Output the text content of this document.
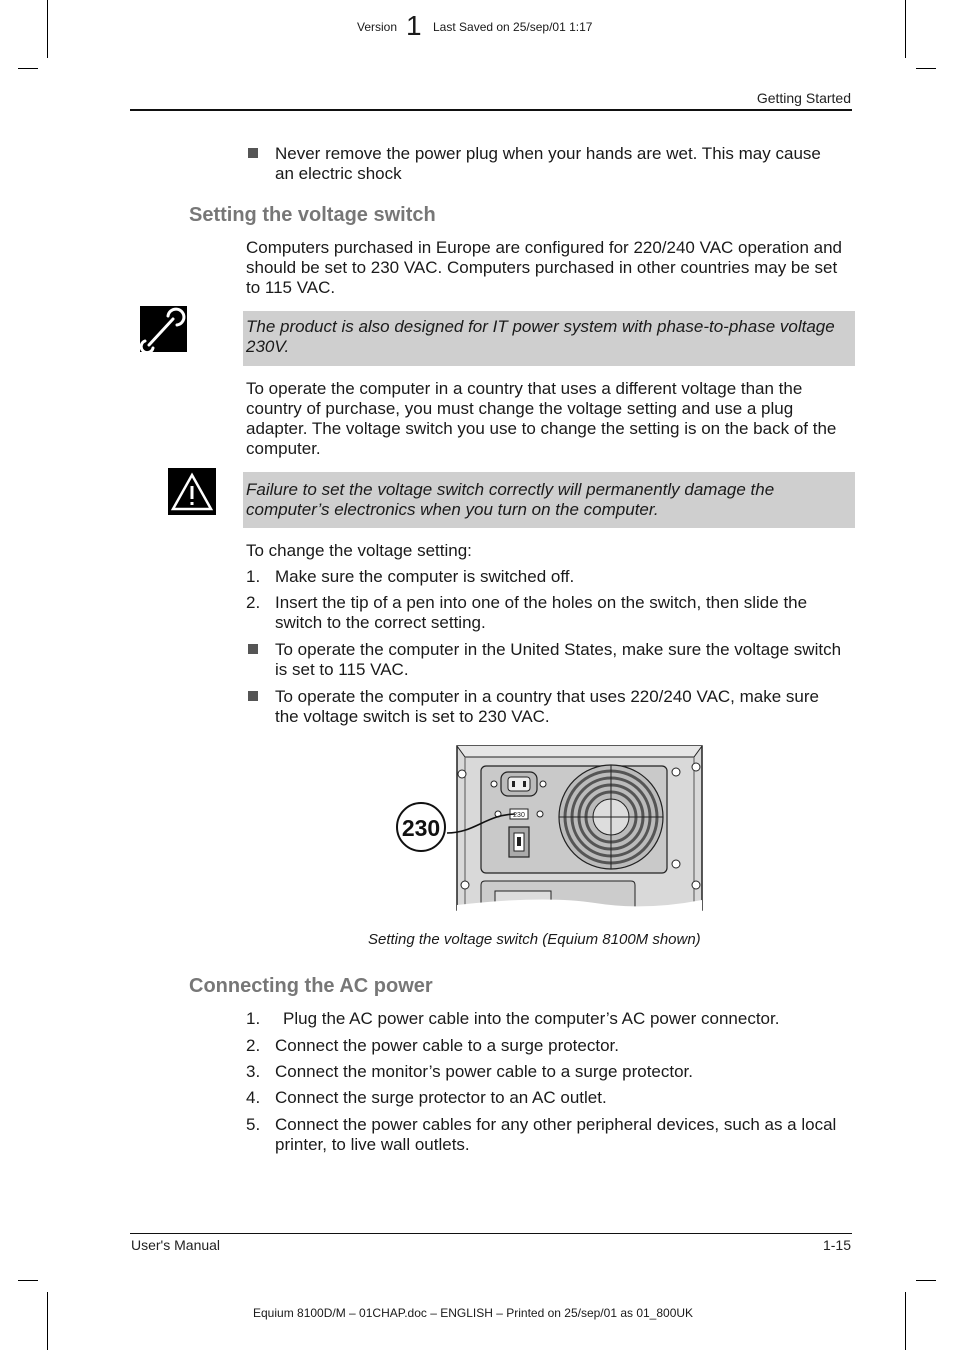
Version 1 Last Saved on 25/sep/01 1:17
Getting Started
Never remove the power plug when your hands are wet. This may cause an electric shock
Setting the voltage switch
Computers purchased in Europe are configured for 220/240 VAC operation and should be set to 230 VAC. Computers purchased in other countries may be set to 115 VAC.
The product is also designed for IT power system with phase-to-phase voltage 230V.
To operate the computer in a country that uses a different voltage than the country of purchase, you must change the voltage setting and use a plug adapter. The voltage switch you use to change the setting is on the back of the computer.
Failure to set the voltage switch correctly will permanently damage the computer’s electronics when you turn on the computer.
To change the voltage setting:
1. Make sure the computer is switched off.
2. Insert the tip of a pen into one of the holes on the switch, then slide the switch to the correct setting.
To operate the computer in the United States, make sure the voltage switch is set to 115 VAC.
To operate the computer in a country that uses 220/240 VAC, make sure the voltage switch is set to 230 VAC.
230
230
Setting the voltage switch (Equium 8100M shown)
Connecting the AC power
1. Plug the AC power cable into the computer’s AC power connector.
2. Connect the power cable to a surge protector.
3. Connect the monitor’s power cable to a surge protector.
4. Connect the surge protector to an AC outlet.
5. Connect the power cables for any other peripheral devices, such as a local printer, to live wall outlets.
User's Manual	1-15
Equium 8100D/M – 01CHAP.doc – ENGLISH – Printed on 25/sep/01 as 01_800UK
